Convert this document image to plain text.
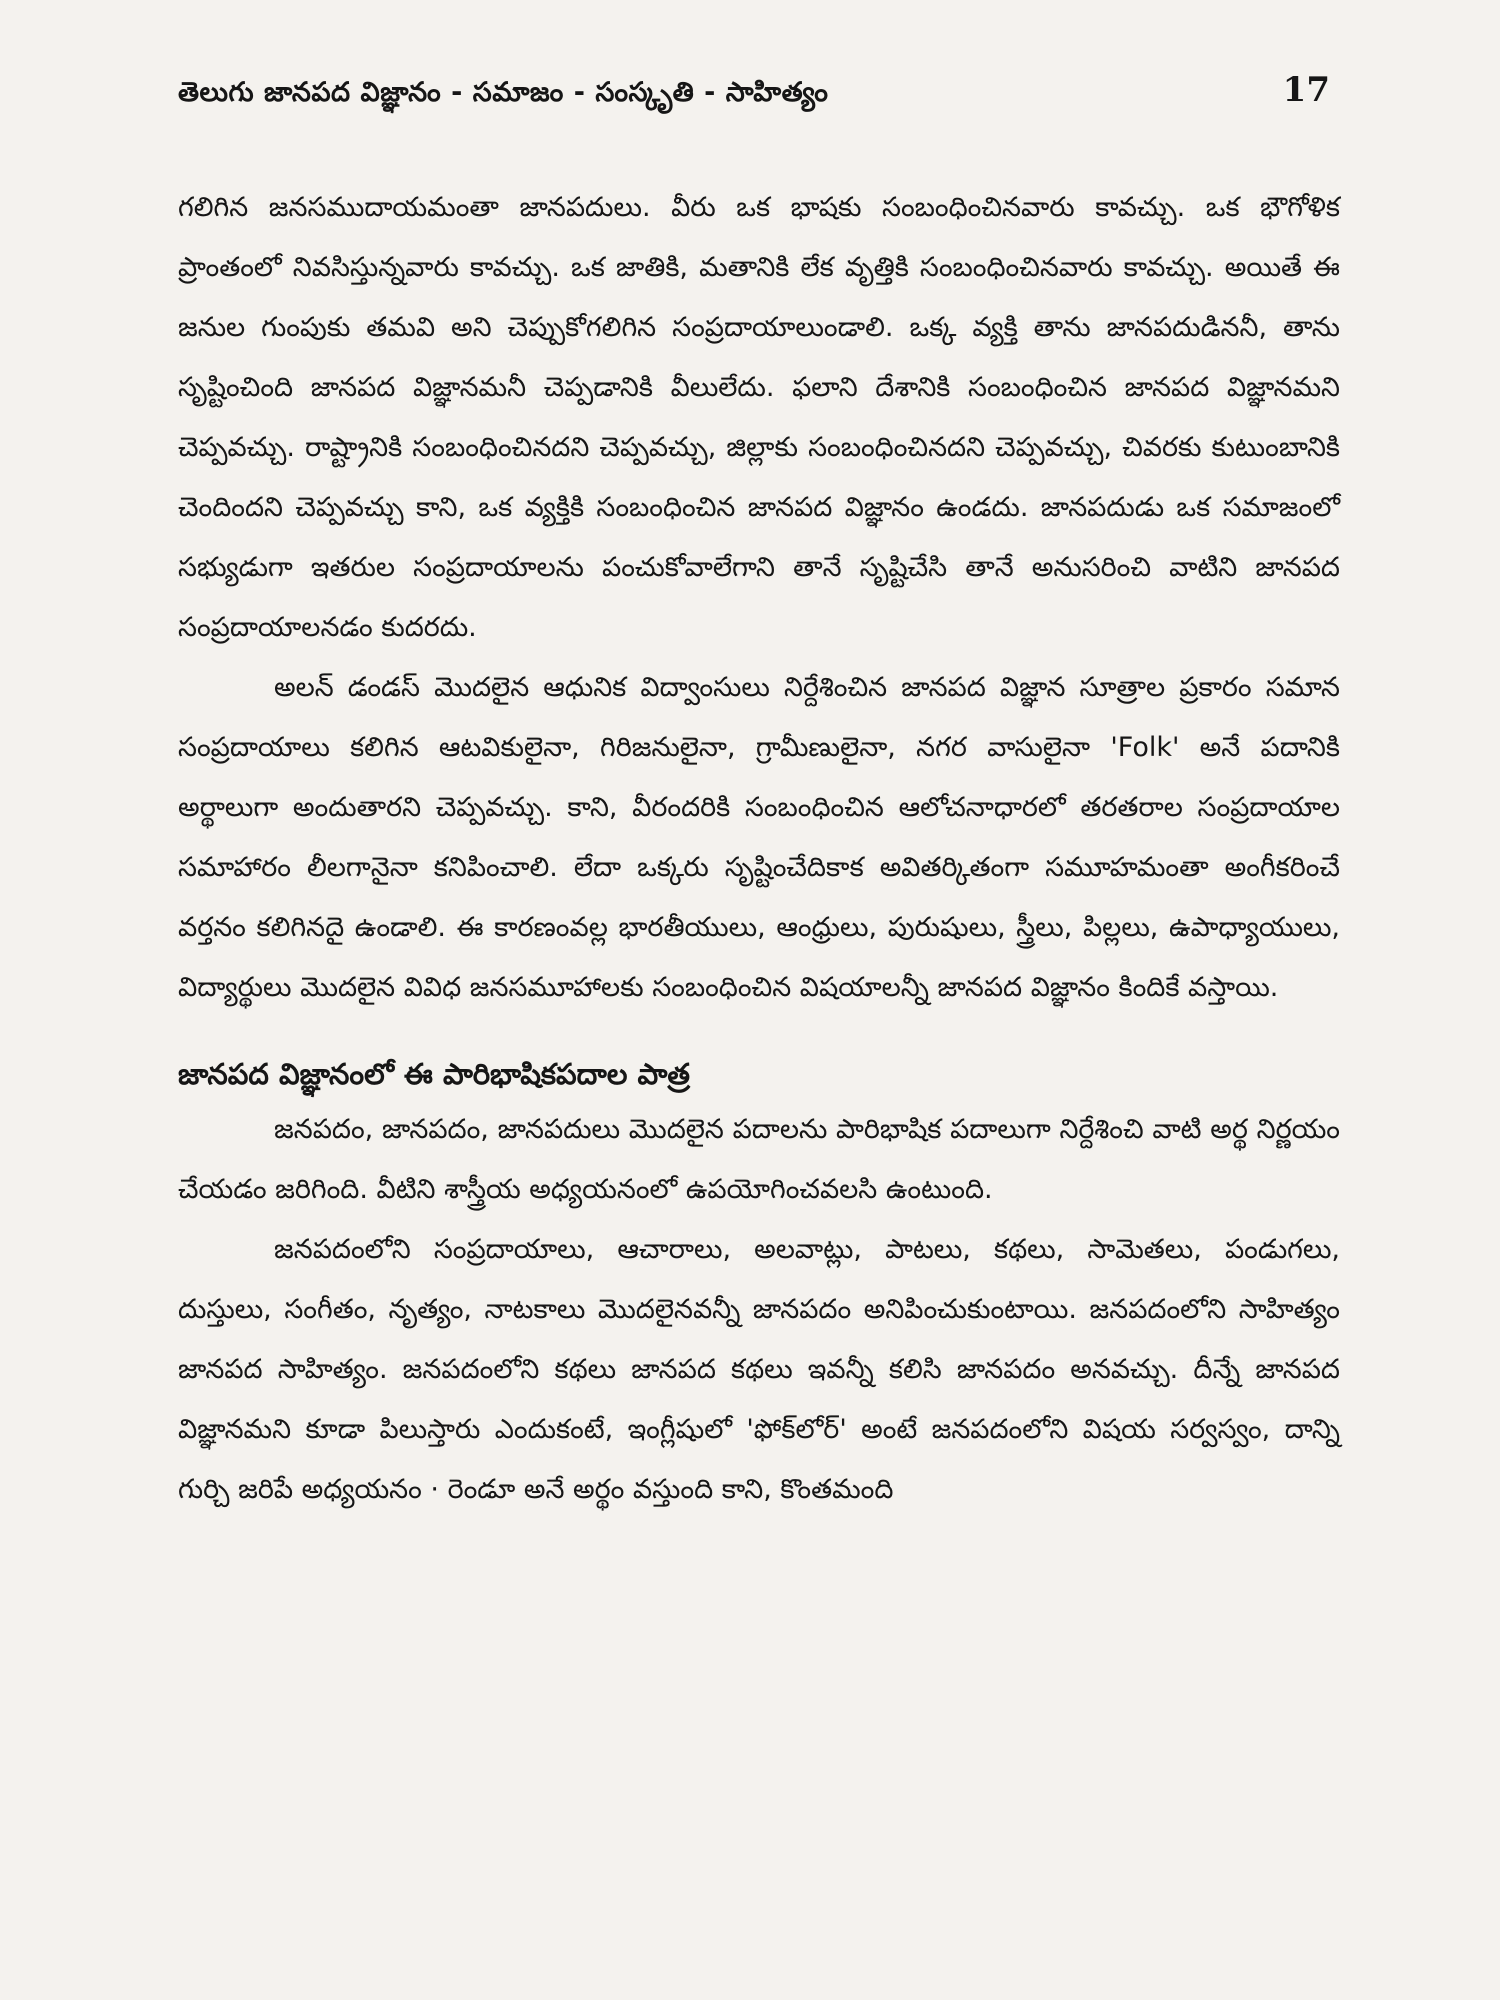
తెలుగు జానపద విజ్ఞానం - సమాజం - సంస్కృతి - సాహిత్యం	17

గలిగిన జనసముదాయమంతా జానపదులు. వీరు ఒక భాషకు సంబంధించినవారు కావచ్చు. ఒక భౌగోళిక ప్రాంతంలో నివసిస్తున్నవారు కావచ్చు. ఒక జాతికి, మతానికి లేక వృత్తికి సంబంధించినవారు కావచ్చు. అయితే ఈ జనుల గుంపుకు తమవి అని చెప్పుకోగలిగిన సంప్రదాయాలుండాలి. ఒక్క వ్యక్తి తాను జానపదుడిననీ, తాను సృష్టించింది జానపద విజ్ఞానమనీ చెప్పడానికి వీలులేదు. ఫలాని దేశానికి సంబంధించిన జానపద విజ్ఞానమని చెప్పవచ్చు. రాష్ట్రానికి సంబంధించినదని చెప్పవచ్చు, జిల్లాకు సంబంధించినదని చెప్పవచ్చు, చివరకు కుటుంబానికి చెందిందని చెప్పవచ్చు కాని, ఒక వ్యక్తికి సంబంధించిన జానపద విజ్ఞానం ఉండదు. జానపదుడు ఒక సమాజంలో సభ్యుడుగా ఇతరుల సంప్రదాయాలను పంచుకోవాలేగాని తానే సృష్టిచేసి తానే అనుసరించి వాటిని జానపద సంప్రదాయాలనడం కుదరదు.

అలన్ డండస్ మొదలైన ఆధునిక విద్వాంసులు నిర్దేశించిన జానపద విజ్ఞాన సూత్రాల ప్రకారం సమాన సంప్రదాయాలు కలిగిన ఆటవికులైనా, గిరిజనులైనా, గ్రామీణులైనా, నగర వాసులైనా 'Folk' అనే పదానికి అర్థాలుగా అందుతారని చెప్పవచ్చు. కాని, వీరందరికి సంబంధించిన ఆలోచనాధారలో తరతరాల సంప్రదాయాల సమాహారం లీలగానైనా కనిపించాలి. లేదా ఒక్కరు సృష్టించేదికాక అవితర్కితంగా సమూహమంతా అంగీకరించే వర్తనం కలిగినదై ఉండాలి. ఈ కారణంవల్ల భారతీయులు, ఆంధ్రులు, పురుషులు, స్త్రీలు, పిల్లలు, ఉపాధ్యాయులు, విద్యార్థులు మొదలైన వివిధ జనసమూహాలకు సంబంధించిన విషయాలన్నీ జానపద విజ్ఞానం కిందికే వస్తాయి.

జానపద విజ్ఞానంలో ఈ పారిభాషికపదాల పాత్ర

జనపదం, జానపదం, జానపదులు మొదలైన పదాలను పారిభాషిక పదాలుగా నిర్దేశించి వాటి అర్థ నిర్ణయం చేయడం జరిగింది. వీటిని శాస్త్రీయ అధ్యయనంలో ఉపయోగించవలసి ఉంటుంది.

జనపదంలోని సంప్రదాయాలు, ఆచారాలు, అలవాట్లు, పాటలు, కథలు, సామెతలు, పండుగలు, దుస్తులు, సంగీతం, నృత్యం, నాటకాలు మొదలైనవన్నీ జానపదం అనిపించుకుంటాయి. జనపదంలోని సాహిత్యం జానపద సాహిత్యం. జనపదంలోని కథలు జానపద కథలు ఇవన్నీ కలిసి జానపదం అనవచ్చు. దీన్నే జానపద విజ్ఞానమని కూడా పిలుస్తారు ఎందుకంటే, ఇంగ్లీషులో 'ఫోక్‌లోర్' అంటే జనపదంలోని విషయ సర్వస్వం, దాన్ని గుర్చి జరిపే అధ్యయనం · రెండూ అనే అర్థం వస్తుంది కాని, కొంతమంది
